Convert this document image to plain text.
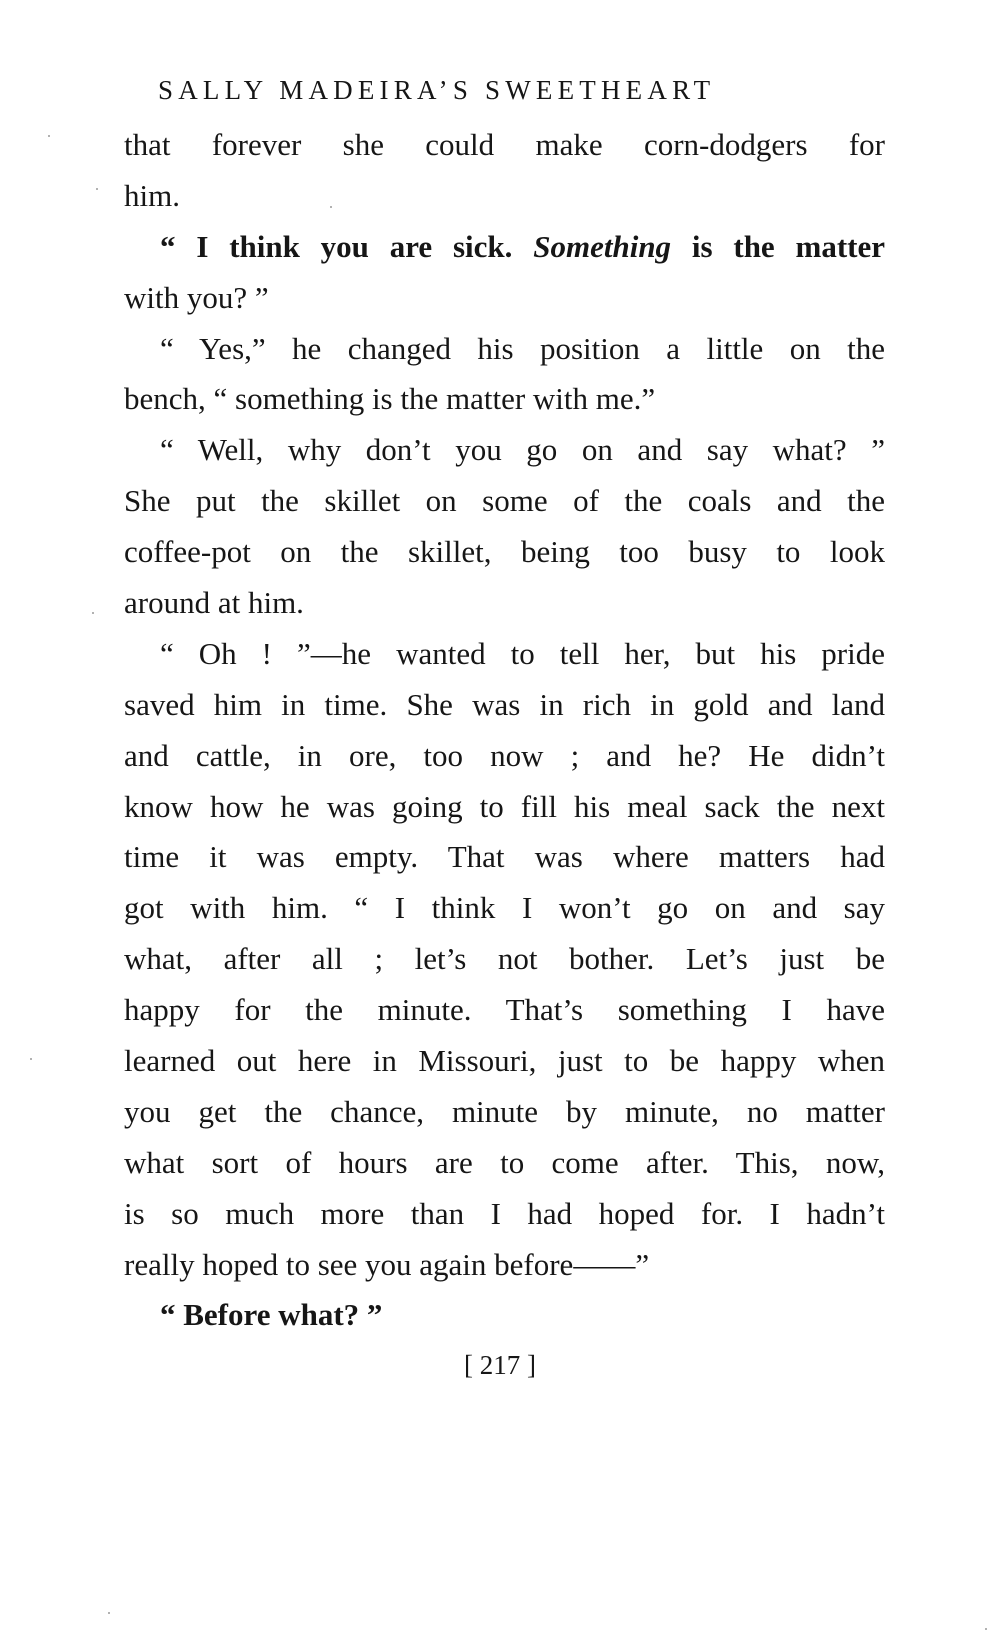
SALLY MADEIRA’S SWEETHEART
that forever she could make corn-dodgers for
him.
“ I think you are sick. Something is the matter
with you? ”
“ Yes,” he changed his position a little on the
bench, “ something is the matter with me.”
“ Well, why don’t you go on and say what? ”
She put the skillet on some of the coals and the
coffee-pot on the skillet, being too busy to look
around at him.
“ Oh ! ”—he wanted to tell her, but his pride
saved him in time. She was in rich in gold and land
and cattle, in ore, too now ; and he? He didn’t
know how he was going to fill his meal sack the next
time it was empty. That was where matters had
got with him. “ I think I won’t go on and say
what, after all ; let’s not bother. Let’s just be
happy for the minute. That’s something I have
learned out here in Missouri, just to be happy when
you get the chance, minute by minute, no matter
what sort of hours are to come after. This, now,
is so much more than I had hoped for. I hadn’t
really hoped to see you again before——”
“ Before what? ”
[ 217 ]
